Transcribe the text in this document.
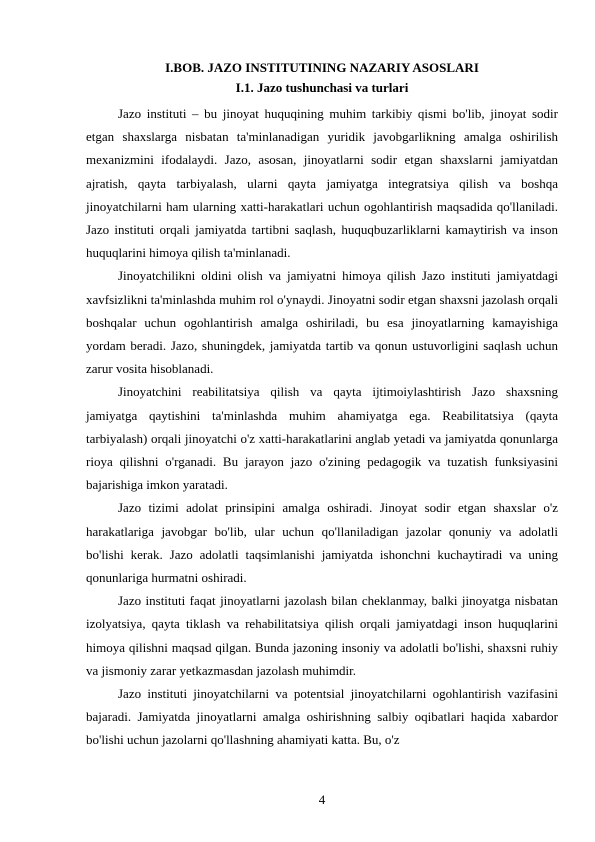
I.BOB. JAZO INSTITUTINING NAZARIY ASOSLARI
I.1. Jazo tushunchasi va turlari

Jazo instituti – bu jinoyat huquqining muhim tarkibiy qismi bo'lib, jinoyat sodir etgan shaxslarga nisbatan ta'minlanadigan yuridik javobgarlikning amalga oshirilish mexanizmini ifodalaydi. Jazo, asosan, jinoyatlarni sodir etgan shaxslarni jamiyatdan ajratish, qayta tarbiyalash, ularni qayta jamiyatga integratsiya qilish va boshqa jinoyatchilarni ham ularning xatti-harakatlari uchun ogohlantirish maqsadida qo'llaniladi. Jazo instituti orqali jamiyatda tartibni saqlash, huquqbuzarliklarni kamaytirish va inson huquqlarini himoya qilish ta'minlanadi.

Jinoyatchilikni oldini olish va jamiyatni himoya qilish Jazo instituti jamiyatdagi xavfsizlikni ta'minlashda muhim rol o'ynaydi. Jinoyatni sodir etgan shaxsni jazolash orqali boshqalar uchun ogohlantirish amalga oshiriladi, bu esa jinoyatlarning kamayishiga yordam beradi. Jazo, shuningdek, jamiyatda tartib va qonun ustuvorligini saqlash uchun zarur vosita hisoblanadi.

Jinoyatchini reabilitatsiya qilish va qayta ijtimoiylashtirish Jazo shaxsning jamiyatga qaytishini ta'minlashda muhim ahamiyatga ega. Reabilitatsiya (qayta tarbiyalash) orqali jinoyatchi o'z xatti-harakatlarini anglab yetadi va jamiyatda qonunlarga rioya qilishni o'rganadi. Bu jarayon jazo o'zining pedagogik va tuzatish funksiyasini bajarishiga imkon yaratadi.

Jazo tizimi adolat prinsipini amalga oshiradi. Jinoyat sodir etgan shaxslar o'z harakatlariga javobgar bo'lib, ular uchun qo'llaniladigan jazolar qonuniy va adolatli bo'lishi kerak. Jazo adolatli taqsimlanishi jamiyatda ishonchni kuchaytiradi va uning qonunlariga hurmatni oshiradi.

Jazo instituti faqat jinoyatlarni jazolash bilan cheklanmay, balki jinoyatga nisbatan izolyatsiya, qayta tiklash va rehabilitatsiya qilish orqali jamiyatdagi inson huquqlarini himoya qilishni maqsad qilgan. Bunda jazoning insoniy va adolatli bo'lishi, shaxsni ruhiy va jismoniy zarar yetkazmasdan jazolash muhimdir.

Jazo instituti jinoyatchilarni va potentsial jinoyatchilarni ogohlantirish vazifasini bajaradi. Jamiyatda jinoyatlarni amalga oshirishning salbiy oqibatlari haqida xabardor bo'lishi uchun jazolarni qo'llashning ahamiyati katta. Bu, o'z

4
